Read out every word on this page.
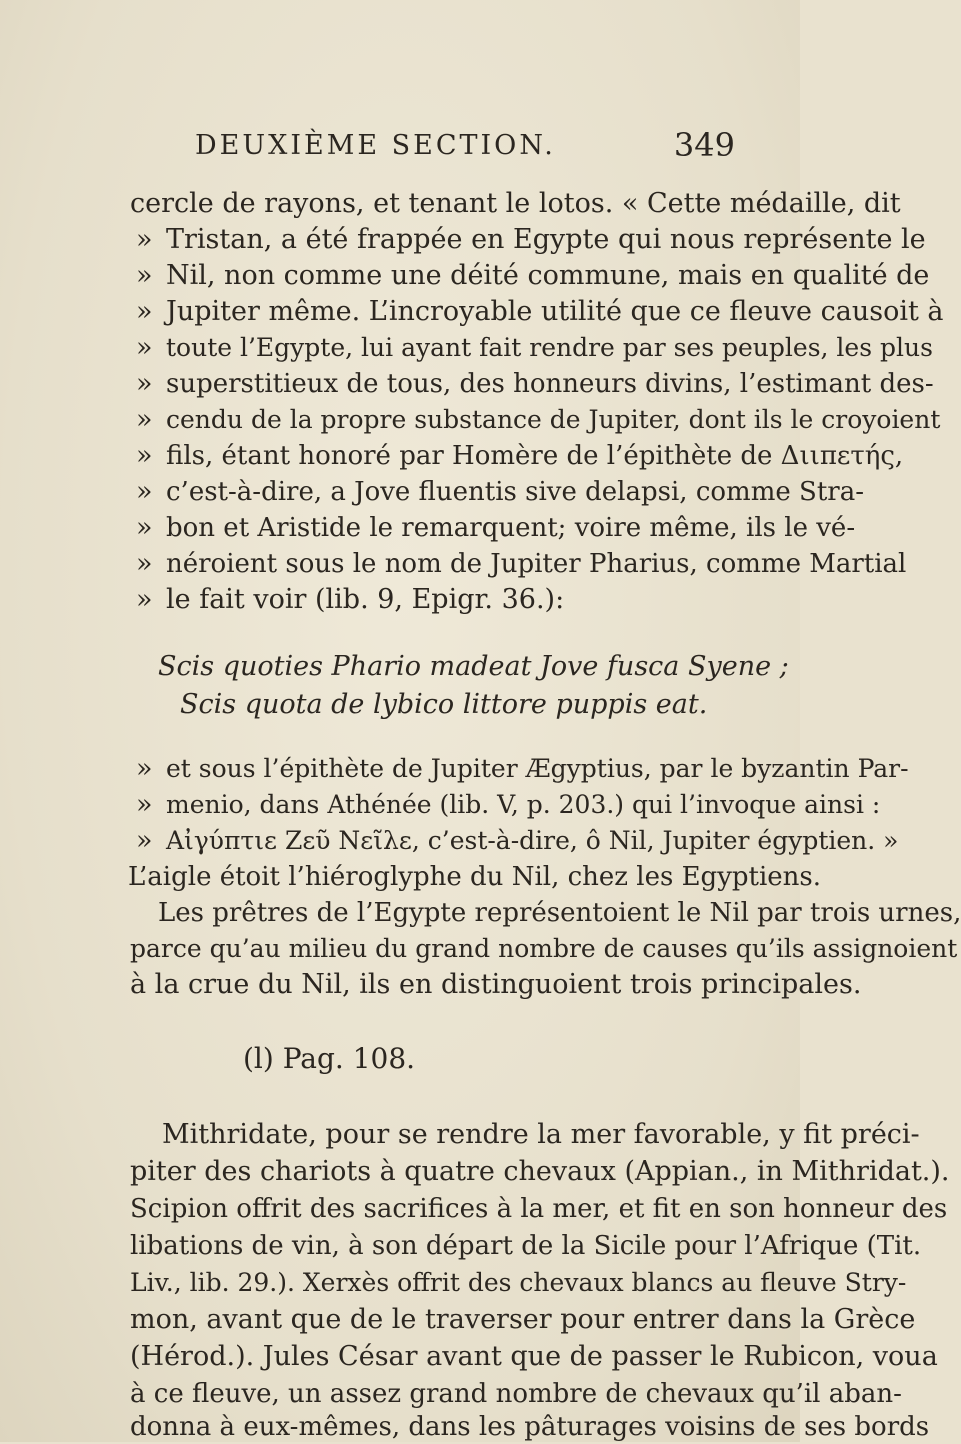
DEUXIÈME SECTION.	349
cercle de rayons, et tenant le lotos. « Cette médaille, dit
» Tristan, a été frappée en Egypte qui nous représente le
» Nil, non comme une déité commune, mais en qualité de
» Jupiter même. L’incroyable utilité que ce fleuve causoit à
» toute l’Egypte, lui ayant fait rendre par ses peuples, les plus
» superstitieux de tous, des honneurs divins, l’estimant des-
» cendu de la propre substance de Jupiter, dont ils le croyoient
» fils, étant honoré par Homère de l’épithète de Διιπετής,
» c’est-à-dire, a Jove fluentis sive delapsi, comme Stra-
» bon et Aristide le remarquent; voire même, ils le vé-
» néroient sous le nom de Jupiter Pharius, comme Martial
» le fait voir (lib. 9, Epigr. 36.):
Scis quoties Phario madeat Jove fusca Syene ;
Scis quota de lybico littore puppis eat.
» et sous l’épithète de Jupiter Ægyptius, par le byzantin Par-
» menio, dans Athénée (lib. V, p. 203.) qui l’invoque ainsi :
» Αἰγύπτιε Ζεῦ Νεῖλε, c’est-à-dire, ô Nil, Jupiter égyptien. »
L’aigle étoit l’hiéroglyphe du Nil, chez les Egyptiens.
Les prêtres de l’Egypte représentoient le Nil par trois urnes,
parce qu’au milieu du grand nombre de causes qu’ils assignoient
à la crue du Nil, ils en distinguoient trois principales.
(l) Pag. 108.
Mithridate, pour se rendre la mer favorable, y fit préci-
piter des chariots à quatre chevaux (Appian., in Mithridat.).
Scipion offrit des sacrifices à la mer, et fit en son honneur des
libations de vin, à son départ de la Sicile pour l’Afrique (Tit.
Liv., lib. 29.). Xerxès offrit des chevaux blancs au fleuve Stry-
mon, avant que de le traverser pour entrer dans la Grèce
(Hérod.). Jules César avant que de passer le Rubicon, voua
à ce fleuve, un assez grand nombre de chevaux qu’il aban-
donna à eux-mêmes, dans les pâturages voisins de ses bords
